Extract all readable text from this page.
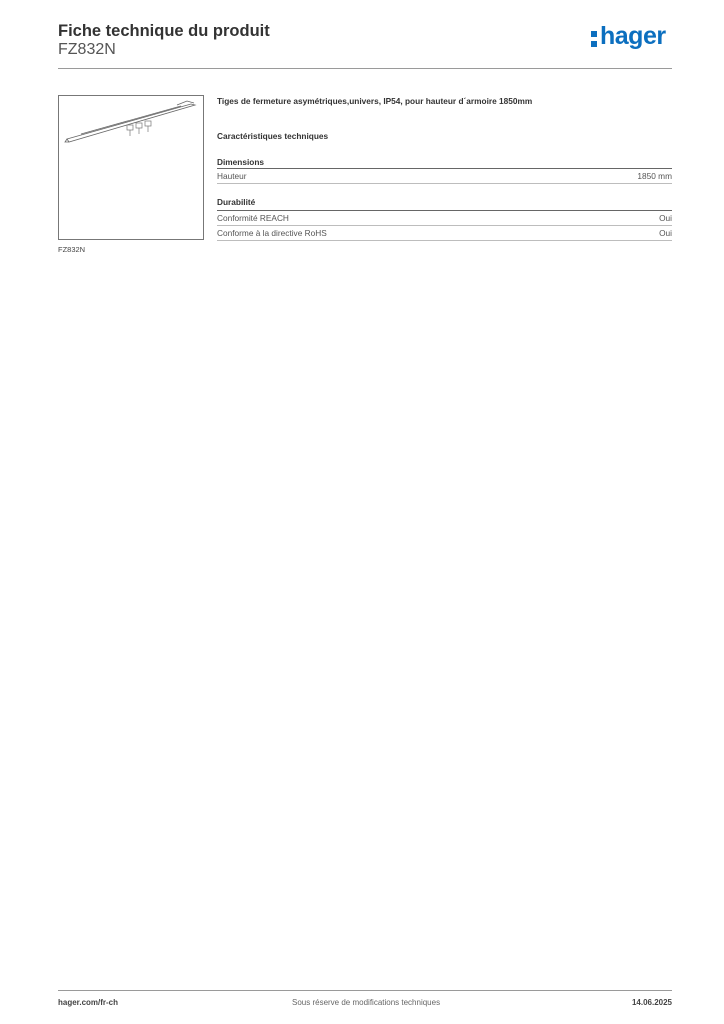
Fiche technique du produit
FZ832N	hager
FZ832N
Tiges de fermeture asymétriques,univers, IP54, pour hauteur d´armoire 1850mm
Caractéristiques techniques
Dimensions
Hauteur	1850 mm
Durabilité
Conformité REACH	Oui
Conforme à la directive RoHS	Oui
hager.com/fr-ch	Sous réserve de modifications techniques	14.06.2025
